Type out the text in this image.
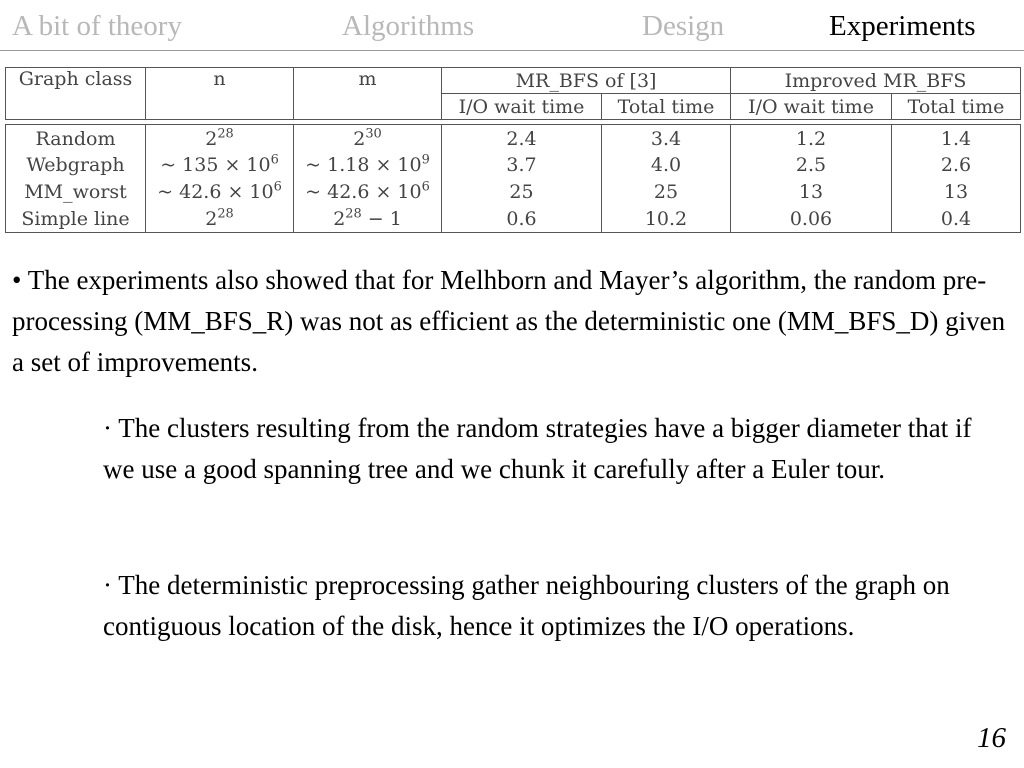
A bit of theory	Algorithms	Design	Experiments
Graph class	n	m	MR_BFS of [3]		Improved MR_BFS	
			I/O wait time	Total time	I/O wait time	Total time
Random	$2^{28}$	$2^{30}$	2.4	3.4	1.2	1.4
Webgraph	~ $135 \times 10^6$	~ $1.18 \times 10^9$	3.7	4.0	2.5	2.6
MM_worst	~ $42.6 \times 10^6$	~ $42.6 \times 10^6$	25	25	13	13
Simple line	$2^{28}$	$2^{28} - 1$	0.6	10.2	0.06	0.4
• The experiments also showed that for Melhborn and Mayer’s algorithm, the random pre-processing (MM_BFS_R) was not as efficient as the deterministic one (MM_BFS_D) given a set of improvements.
· The clusters resulting from the random strategies have a bigger diameter that if we use a good spanning tree and we chunk it carefully after a Euler tour.
· The deterministic preprocessing gather neighbouring clusters of the graph on contiguous location of the disk, hence it optimizes the I/O operations.
16
